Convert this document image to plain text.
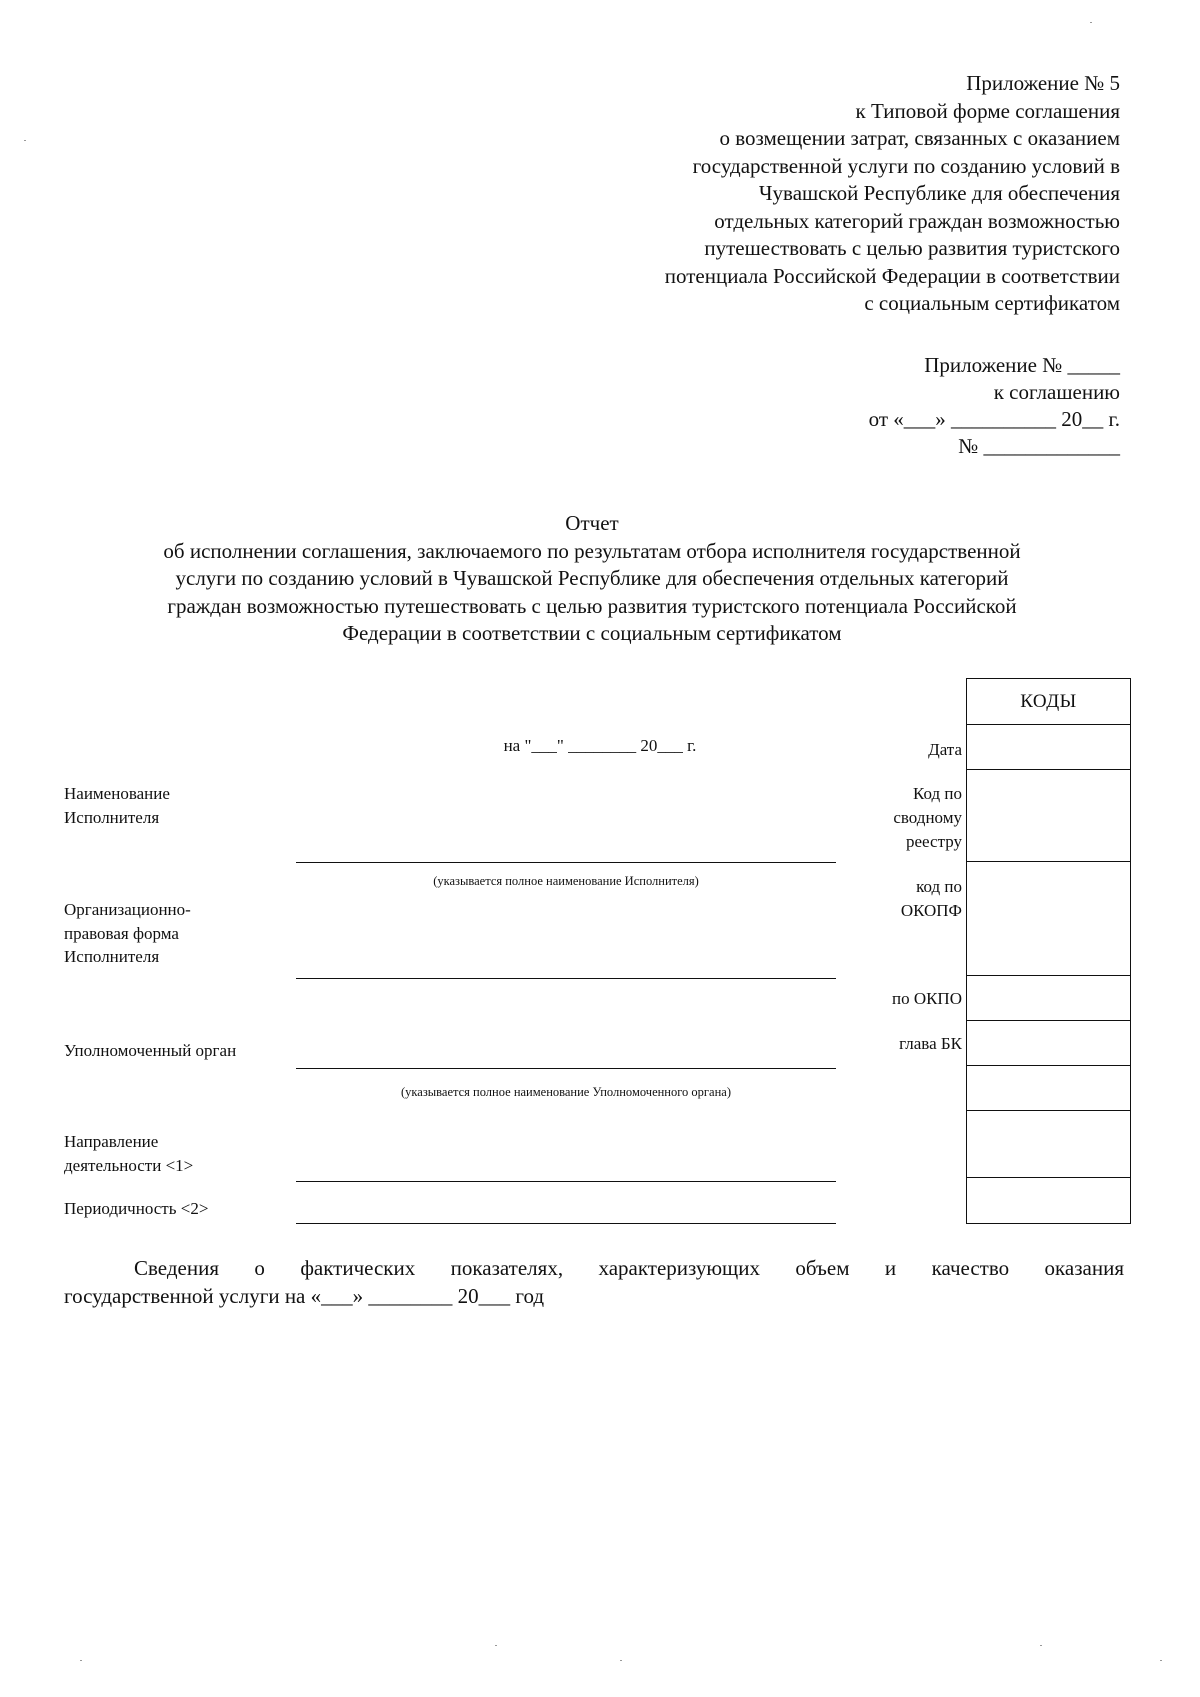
Приложение № 5
к Типовой форме соглашения
о возмещении затрат, связанных с оказанием
государственной услуги по созданию условий в
Чувашской Республике для обеспечения
отдельных категорий граждан возможностью
путешествовать с целью развития туристского
потенциала Российской Федерации в соответствии
с социальным сертификатом
Приложение № _____
к соглашению
от «___» __________ 20__ г.
№ _____________
Отчет
об исполнении соглашения, заключаемого по результатам отбора исполнителя государственной
услуги по созданию условий в Чувашской Республике для обеспечения отдельных категорий
граждан возможностью путешествовать с целью развития туристского потенциала Российской
Федерации в соответствии с социальным сертификатом
на "___" ________ 20___ г.
Наименование
Исполнителя
(указывается полное наименование Исполнителя)
Организационно-
правовая форма
Исполнителя
Уполномоченный орган
(указывается полное наименование Уполномоченного органа)
Направление
деятельности <1>
Периодичность <2>
Дата
Код по
сводному
реестру
код по
ОКОПФ
по ОКПО
глава БК
КОДЫ
Сведения о фактических показателях, характеризующих объем и качество оказания
государственной услуги на «___» ________ 20___ год
